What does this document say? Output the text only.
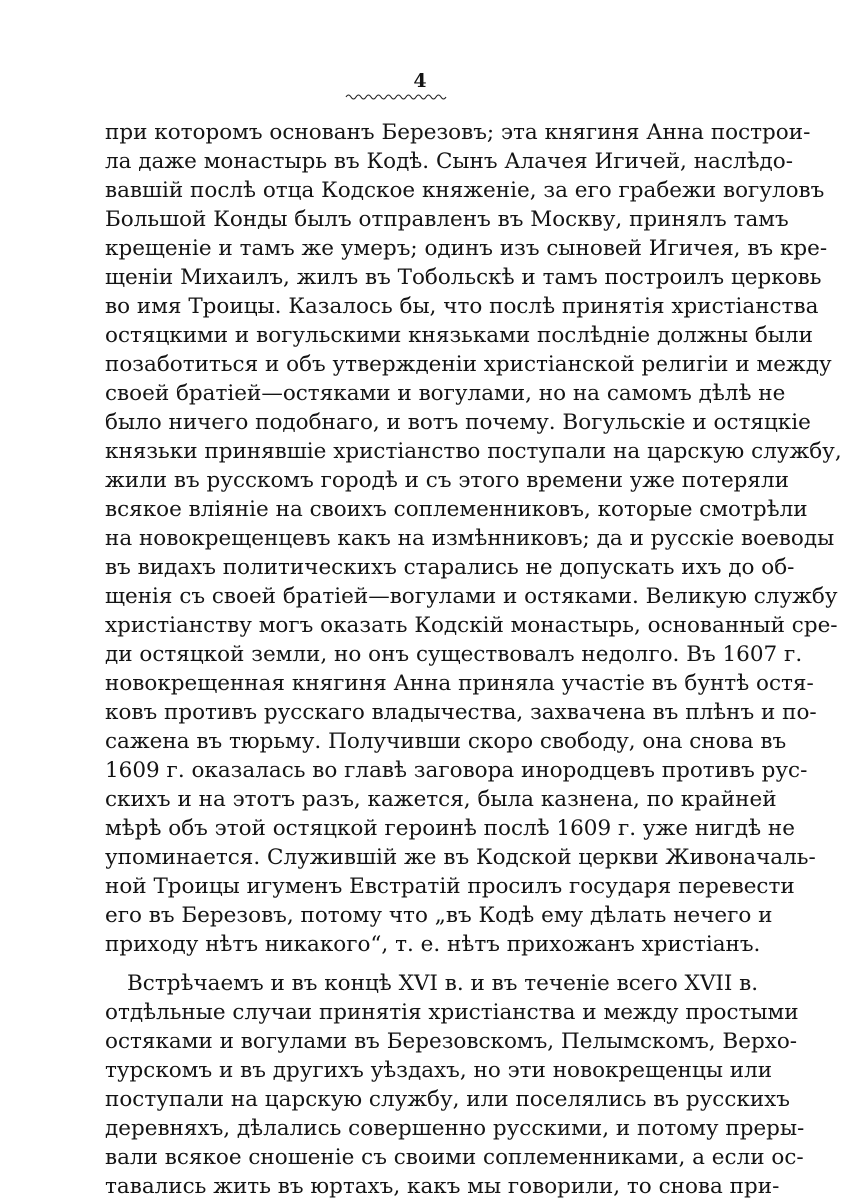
4
при которомъ основанъ Березовъ; эта княгиня Анна построи-
ла даже монастырь въ Кодѣ. Сынъ Алачея Игичей, наслѣдо-
вавшій послѣ отца Кодское княженіе, за его грабежи вогуловъ
Большой Конды былъ отправленъ въ Москву, принялъ тамъ
крещеніе и тамъ же умеръ; одинъ изъ сыновей Игичея, въ кре-
щеніи Михаилъ, жилъ въ Тобольскѣ и тамъ построилъ церковь
во имя Троицы. Казалось бы, что послѣ принятія христіанства
остяцкими и вогульскими князьками послѣдніе должны были
позаботиться и объ утвержденіи христіанской религіи и между
своей братіей—остяками и вогулами, но на самомъ дѣлѣ не
было ничего подобнаго, и вотъ почему. Вогульскіе и остяцкіе
князьки принявшіе христіанство поступали на царскую службу,
жили въ русскомъ городѣ и съ этого времени уже потеряли
всякое вліяніе на своихъ соплеменниковъ, которые смотрѣли
на новокрещенцевъ какъ на измѣнниковъ; да и русскіе воеводы
въ видахъ политическихъ старались не допускать ихъ до об-
щенія съ своей братіей—вогулами и остяками. Великую службу
христіанству могъ оказать Кодскій монастырь, основанный сре-
ди остяцкой земли, но онъ существовалъ недолго. Въ 1607 г.
новокрещенная княгиня Анна приняла участіе въ бунтѣ остя-
ковъ противъ русскаго владычества, захвачена въ плѣнъ и по-
сажена въ тюрьму. Получивши скоро свободу, она снова въ
1609 г. оказалась во главѣ заговора инородцевъ противъ рус-
скихъ и на этотъ разъ, кажется, была казнена, по крайней
мѣрѣ объ этой остяцкой героинѣ послѣ 1609 г. уже нигдѣ не
упоминается. Служившій же въ Кодской церкви Живоначаль-
ной Троицы игуменъ Евстратій просилъ государя перевести
его въ Березовъ, потому что „въ Кодѣ ему дѣлать нечего и
приходу нѣтъ никакого“, т. е. нѣтъ прихожанъ христіанъ.
Встрѣчаемъ и въ концѣ XVI в. и въ теченіе всего XVII в.
отдѣльные случаи принятія христіанства и между простыми
остяками и вогулами въ Березовскомъ, Пелымскомъ, Верхо-
турскомъ и въ другихъ уѣздахъ, но эти новокрещенцы или
поступали на царскую службу, или поселялись въ русскихъ
деревняхъ, дѣлались совершенно русскими, и потому преры-
вали всякое сношеніе съ своими соплеменниками, а если ос-
тавались жить въ юртахъ, какъ мы говорили, то снова при-
